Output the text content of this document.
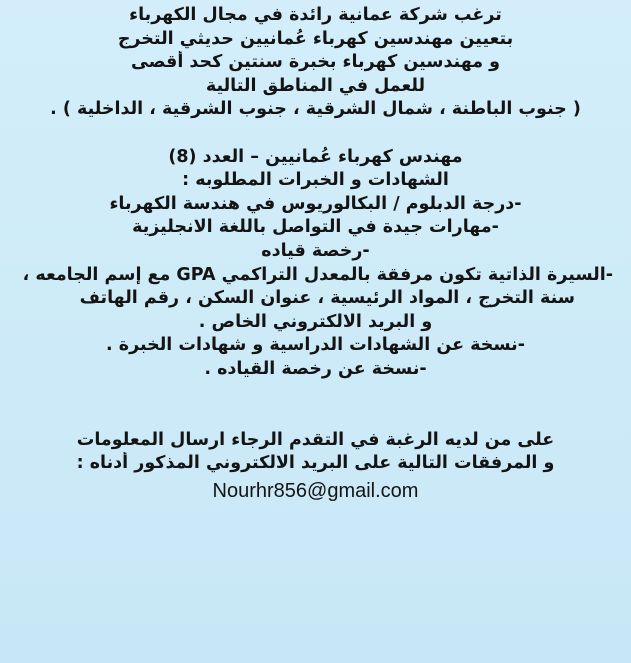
ترغب شركة عمانية رائدة في مجال الكهرباء
بتعيين مهندسين كهرباء عُمانيين حديثي التخرج
و مهندسين كهرباء بخبرة سنتين كحد أقصى
للعمل في المناطق التالية
( جنوب الباطنة ، شمال الشرقية ، جنوب الشرقية ، الداخلية ) .
مهندس كهرباء عُمانيين – العدد (8)
الشهادات و الخبرات المطلوبه :
-درجة الدبلوم / البكالوريوس في هندسة الكهرباء
-مهارات جيدة في التواصل باللغة الانجليزية
-رخصة قياده
-السيرة الذاتية تكون مرفقة بالمعدل التراكمي GPA مع إسم الجامعه ،
سنة التخرج ، المواد الرئيسية ، عنوان السكن ، رقم الهاتف
و البريد الالكتروني الخاص .
-نسخة عن الشهادات الدراسية و شهادات الخبرة .
-نسخة عن رخصة القياده .
على من لديه الرغبة في التقدم الرجاء ارسال المعلومات
و المرفقات التالية على البريد الالكتروني المذكور أدناه :
Nourhr856@gmail.com
